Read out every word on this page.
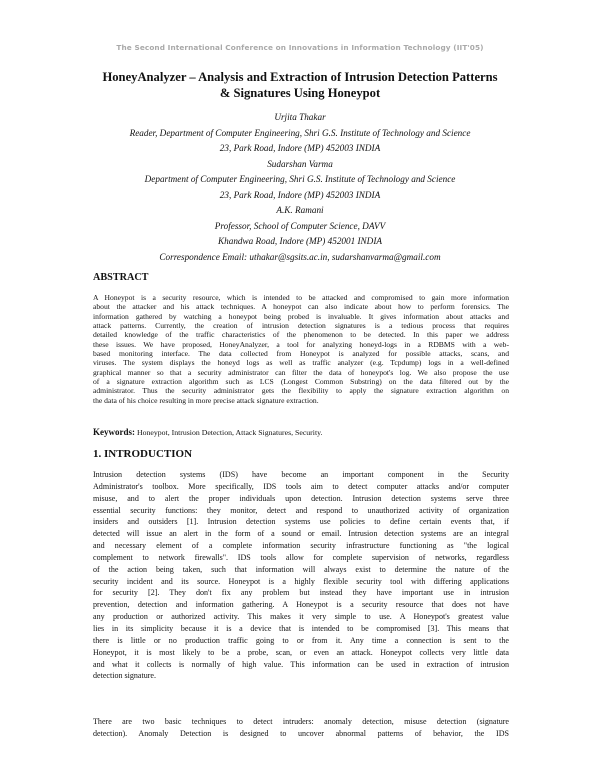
The Second International Conference on Innovations in Information Technology (IIT'05)
HoneyAnalyzer – Analysis and Extraction of Intrusion Detection Patterns
& Signatures Using Honeypot
Urjita Thakar
Reader, Department of Computer Engineering, Shri G.S. Institute of Technology and Science
23, Park Road, Indore (MP) 452003 INDIA
Sudarshan Varma
Department of Computer Engineering, Shri G.S. Institute of Technology and Science
23, Park Road, Indore (MP) 452003 INDIA
A.K. Ramani
Professor, School of Computer Science, DAVV
Khandwa Road, Indore (MP) 452001 INDIA
Correspondence Email: uthakar@sgsits.ac.in, sudarshanvarma@gmail.com
ABSTRACT
A Honeypot is a security resource, which is intended to be attacked and compromised to gain more information
about the attacker and his attack techniques. A honeypot can also indicate about how to perform forensics. The
information gathered by watching a honeypot being probed is invaluable. It gives information about attacks and
attack patterns. Currently, the creation of intrusion detection signatures is a tedious process that requires
detailed knowledge of the traffic characteristics of the phenomenon to be detected. In this paper we address
these issues. We have proposed, HoneyAnalyzer, a tool for analyzing honeyd-logs in a RDBMS with a web-
based monitoring interface. The data collected from Honeypot is analyzed for possible attacks, scans, and
viruses. The system displays the honeyd logs as well as traffic analyzer (e.g. Tcpdump) logs in a well-defined
graphical manner so that a security administrator can filter the data of honeypot's log. We also propose the use
of a signature extraction algorithm such as LCS (Longest Common Substring) on the data filtered out by the
administrator. Thus the security administrator gets the flexibility to apply the signature extraction algorithm on
the data of his choice resulting in more precise attack signature extraction.
Keywords: Honeypot, Intrusion Detection, Attack Signatures, Security.
1. INTRODUCTION
Intrusion detection systems (IDS) have become an important component in the Security
Administrator's toolbox. More specifically, IDS tools aim to detect computer attacks and/or computer
misuse, and to alert the proper individuals upon detection. Intrusion detection systems serve three
essential security functions: they monitor, detect and respond to unauthorized activity of organization
insiders and outsiders [1]. Intrusion detection systems use policies to define certain events that, if
detected will issue an alert in the form of a sound or email. Intrusion detection systems are an integral
and necessary element of a complete information security infrastructure functioning as "the logical
complement to network firewalls". IDS tools allow for complete supervision of networks, regardless
of the action being taken, such that information will always exist to determine the nature of the
security incident and its source. Honeypot is a highly flexible security tool with differing applications
for security [2]. They don't fix any problem but instead they have important use in intrusion
prevention, detection and information gathering. A Honeypot is a security resource that does not have
any production or authorized activity. This makes it very simple to use. A Honeypot's greatest value
lies in its simplicity because it is a device that is intended to be compromised [3]. This means that
there is little or no production traffic going to or from it. Any time a connection is sent to the
Honeypot, it is most likely to be a probe, scan, or even an attack. Honeypot collects very little data
and what it collects is normally of high value. This information can be used in extraction of intrusion
detection signature.
There are two basic techniques to detect intruders: anomaly detection, misuse detection (signature
detection). Anomaly Detection is designed to uncover abnormal patterns of behavior, the IDS
